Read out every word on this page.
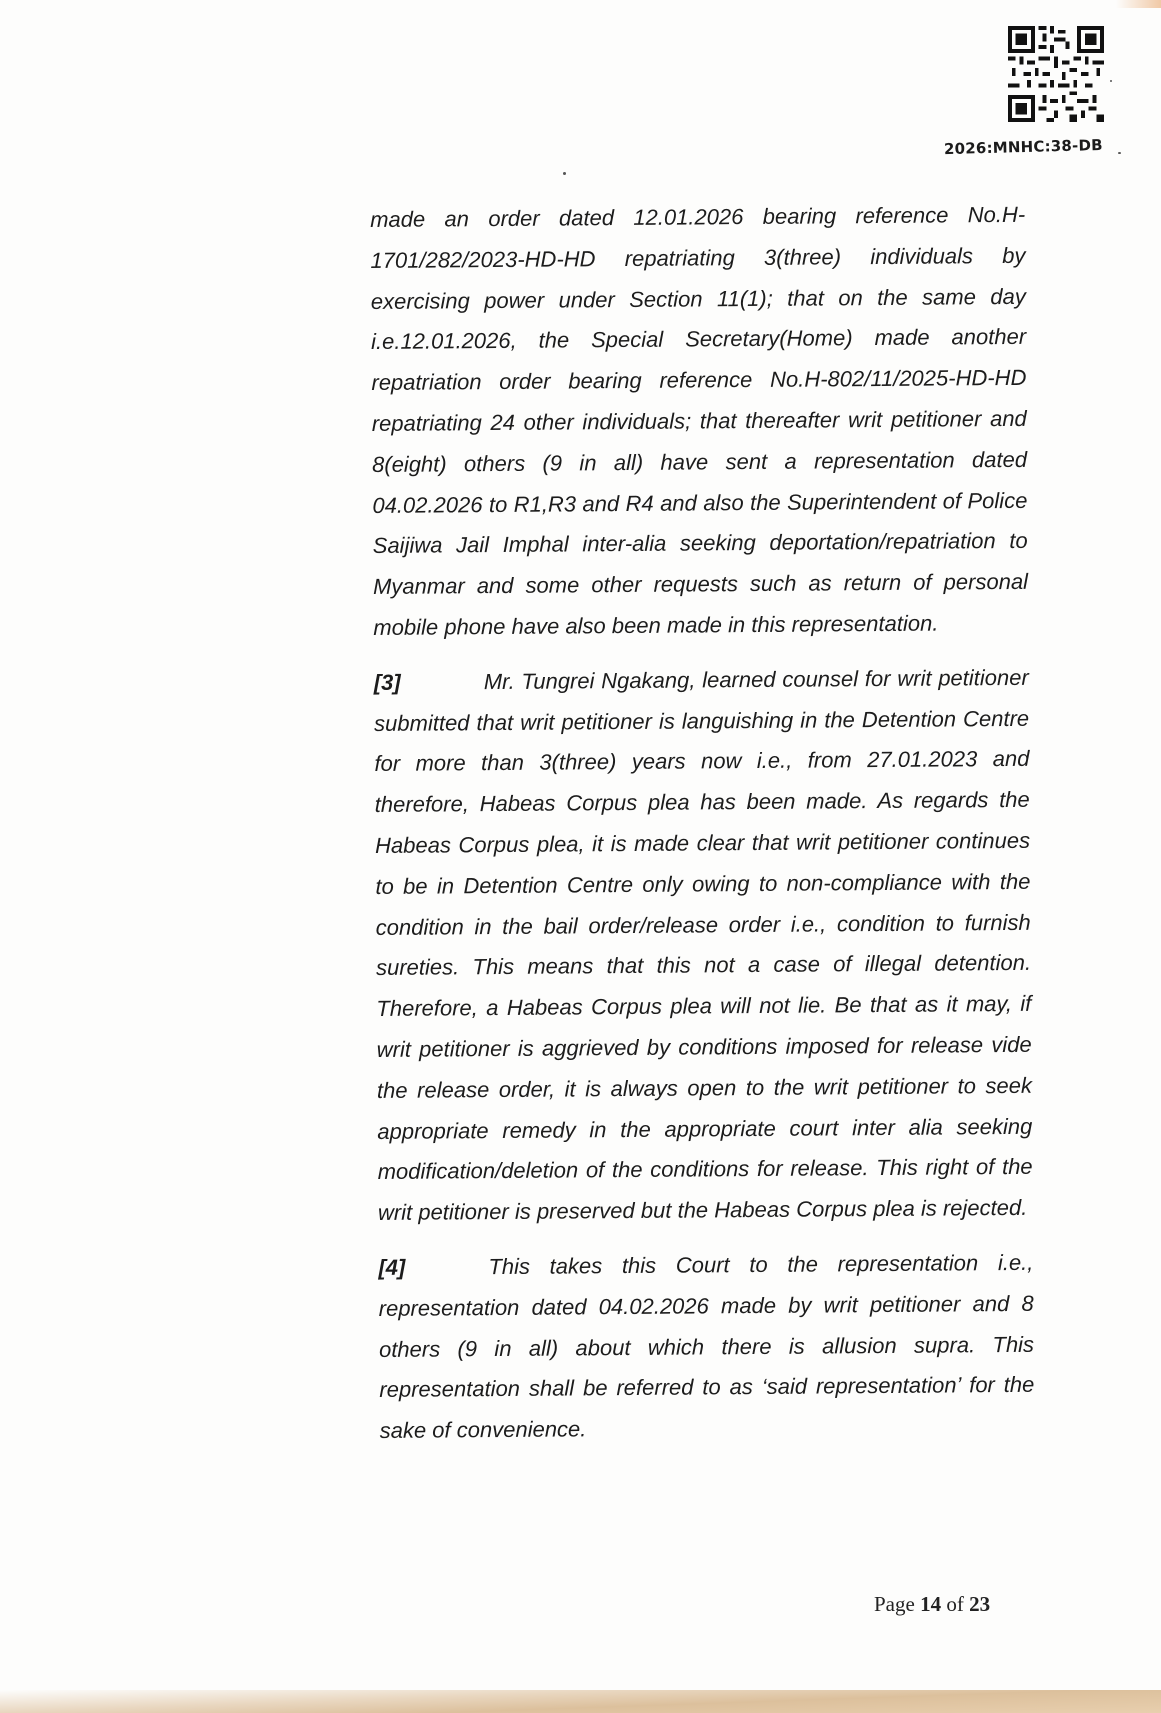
2026:MNHC:38-DB

made an order dated 12.01.2026 bearing reference No.H-1701/282/2023-HD-HD repatriating 3(three) individuals by exercising power under Section 11(1); that on the same day i.e.12.01.2026, the Special Secretary(Home) made another repatriation order bearing reference No.H-802/11/2025-HD-HD repatriating 24 other individuals; that thereafter writ petitioner and 8(eight) others (9 in all) have sent a representation dated 04.02.2026 to R1,R3 and R4 and also the Superintendent of Police Saijiwa Jail Imphal inter-alia seeking deportation/repatriation to Myanmar and some other requests such as return of personal mobile phone have also been made in this representation.

[3]	Mr. Tungrei Ngakang, learned counsel for writ petitioner submitted that writ petitioner is languishing in the Detention Centre for more than 3(three) years now i.e., from 27.01.2023 and therefore, Habeas Corpus plea has been made. As regards the Habeas Corpus plea, it is made clear that writ petitioner continues to be in Detention Centre only owing to non-compliance with the condition in the bail order/release order i.e., condition to furnish sureties. This means that this not a case of illegal detention. Therefore, a Habeas Corpus plea will not lie. Be that as it may, if writ petitioner is aggrieved by conditions imposed for release vide the release order, it is always open to the writ petitioner to seek appropriate remedy in the appropriate court inter alia seeking modification/deletion of the conditions for release. This right of the writ petitioner is preserved but the Habeas Corpus plea is rejected.

[4]	This takes this Court to the representation i.e., representation dated 04.02.2026 made by writ petitioner and 8 others (9 in all) about which there is allusion supra. This representation shall be referred to as ‘said representation’ for the sake of convenience.

Page 14 of 23
